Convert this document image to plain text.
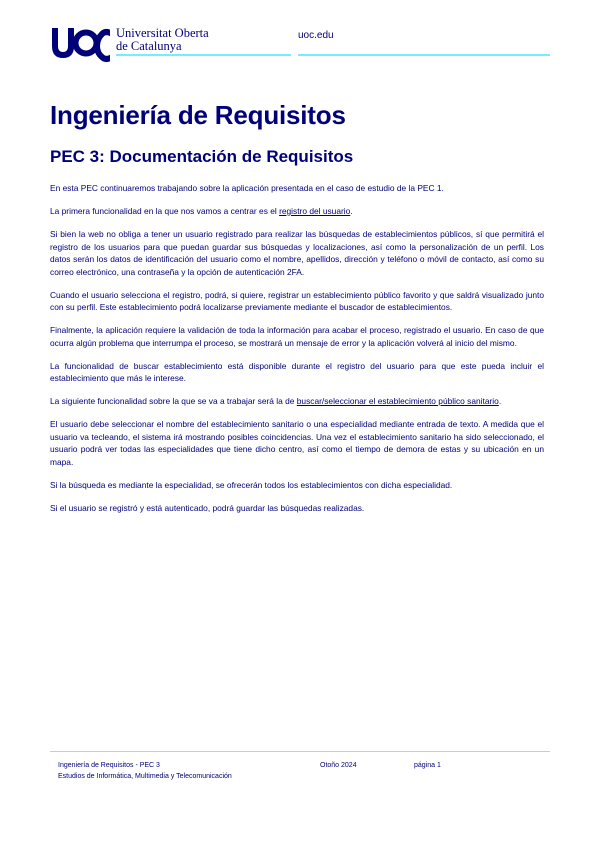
Universitat Oberta
de Catalunya
uoc.edu
Ingeniería de Requisitos
PEC 3: Documentación de Requisitos

En esta PEC continuaremos trabajando sobre la aplicación presentada en el caso de estudio de la PEC 1.

La primera funcionalidad en la que nos vamos a centrar es el registro del usuario.

Si bien la web no obliga a tener un usuario registrado para realizar las búsquedas de establecimientos públicos, sí que permitirá el registro de los usuarios para que puedan guardar sus búsquedas y localizaciones, así como la personalización de un perfil. Los datos serán los datos de identificación del usuario como el nombre, apellidos, dirección y teléfono o móvil de contacto, así como su correo electrónico, una contraseña y la opción de autenticación 2FA.

Cuando el usuario selecciona el registro, podrá, si quiere, registrar un establecimiento público favorito y que saldrá visualizado junto con su perfil. Este establecimiento podrá localizarse previamente mediante el buscador de establecimientos.

Finalmente, la aplicación requiere la validación de toda la información para acabar el proceso, registrado el usuario. En caso de que ocurra algún problema que interrumpa el proceso, se mostrará un mensaje de error y la aplicación volverá al inicio del mismo.

La funcionalidad de buscar establecimiento está disponible durante el registro del usuario para que este pueda incluir el establecimiento que más le interese.

La siguiente funcionalidad sobre la que se va a trabajar será la de buscar/seleccionar el establecimiento público sanitario.

El usuario debe seleccionar el nombre del establecimiento sanitario o una especialidad mediante entrada de texto. A medida que el usuario va tecleando, el sistema irá mostrando posibles coincidencias. Una vez el establecimiento sanitario ha sido seleccionado, el usuario podrá ver todas las especialidades que tiene dicho centro, así como el tiempo de demora de estas y su ubicación en un mapa.

Si la búsqueda es mediante la especialidad, se ofrecerán todos los establecimientos con dicha especialidad.

Si el usuario se registró y está autenticado, podrá guardar las búsquedas realizadas.

Ingeniería de Requisitos - PEC 3
Estudios de Informática, Multimedia y Telecomunicación
Otoño 2024	página 1
